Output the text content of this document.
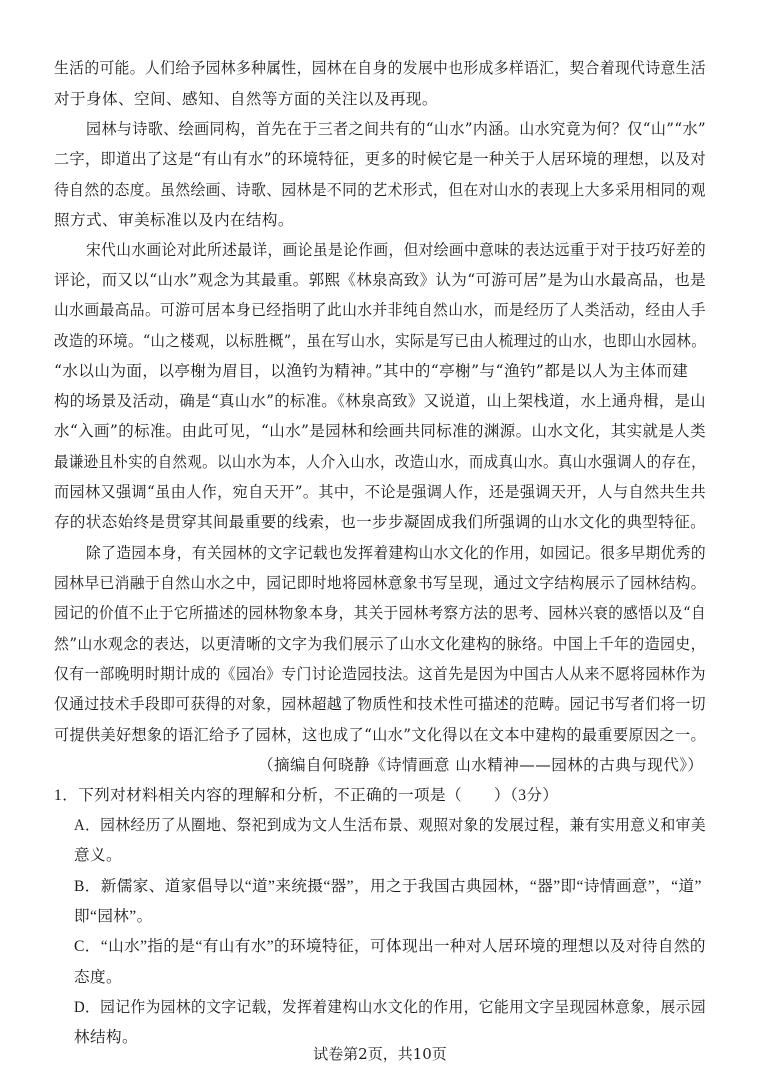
生活的可能。人们给予园林多种属性，园林在自身的发展中也形成多样语汇，契合着现代诗意生活
对于身体、空间、感知、自然等方面的关注以及再现。
园林与诗歌、绘画同构，首先在于三者之间共有的“山水”内涵。山水究竟为何？仅“山”“水”
二字，即道出了这是“有山有水”的环境特征，更多的时候它是一种关于人居环境的理想，以及对
待自然的态度。虽然绘画、诗歌、园林是不同的艺术形式，但在对山水的表现上大多采用相同的观
照方式、审美标准以及内在结构。
宋代山水画论对此所述最详，画论虽是论作画，但对绘画中意味的表达远重于对于技巧好差的
评论，而又以“山水”观念为其最重。郭熙《林泉高致》认为“可游可居”是为山水最高品，也是
山水画最高品。可游可居本身已经指明了此山水并非纯自然山水，而是经历了人类活动，经由人手
改造的环境。“山之楼观，以标胜概”，虽在写山水，实际是写已由人梳理过的山水，也即山水园林。
“水以山为面，以亭榭为眉目，以渔钓为精神。”其中的“亭榭”与“渔钓”都是以人为主体而建
构的场景及活动，确是“真山水”的标准。《林泉高致》又说道，山上架栈道，水上通舟楫，是山
水“入画”的标准。由此可见，“山水”是园林和绘画共同标准的渊源。山水文化，其实就是人类
最谦逊且朴实的自然观。以山水为本，人介入山水，改造山水，而成真山水。真山水强调人的存在，
而园林又强调“虽由人作，宛自天开”。其中，不论是强调人作，还是强调天开，人与自然共生共
存的状态始终是贯穿其间最重要的线索，也一步步凝固成我们所强调的山水文化的典型特征。
除了造园本身，有关园林的文字记载也发挥着建构山水文化的作用，如园记。很多早期优秀的
园林早已消融于自然山水之中，园记即时地将园林意象书写呈现，通过文字结构展示了园林结构。
园记的价值不止于它所描述的园林物象本身，其关于园林考察方法的思考、园林兴衰的感悟以及“自
然”山水观念的表达，以更清晰的文字为我们展示了山水文化建构的脉络。中国上千年的造园史，
仅有一部晚明时期计成的《园冶》专门讨论造园技法。这首先是因为中国古人从来不愿将园林作为
仅通过技术手段即可获得的对象，园林超越了物质性和技术性可描述的范畴。园记书写者们将一切
可提供美好想象的语汇给予了园林，这也成了“山水”文化得以在文本中建构的最重要原因之一。
（摘编自何晓静《诗情画意 山水精神——园林的古典与现代》）
1．下列对材料相关内容的理解和分析，不正确的一项是（　　）（3分）
A．园林经历了从圈地、祭祀到成为文人生活布景、观照对象的发展过程，兼有实用意义和审美
意义。
B．新儒家、道家倡导以“道”来统摄“器”，用之于我国古典园林，“器”即“诗情画意”，“道”
即“园林”。
C．“山水”指的是“有山有水”的环境特征，可体现出一种对人居环境的理想以及对待自然的
态度。
D．园记作为园林的文字记载，发挥着建构山水文化的作用，它能用文字呈现园林意象，展示园
林结构。
试卷第2页，共10页
